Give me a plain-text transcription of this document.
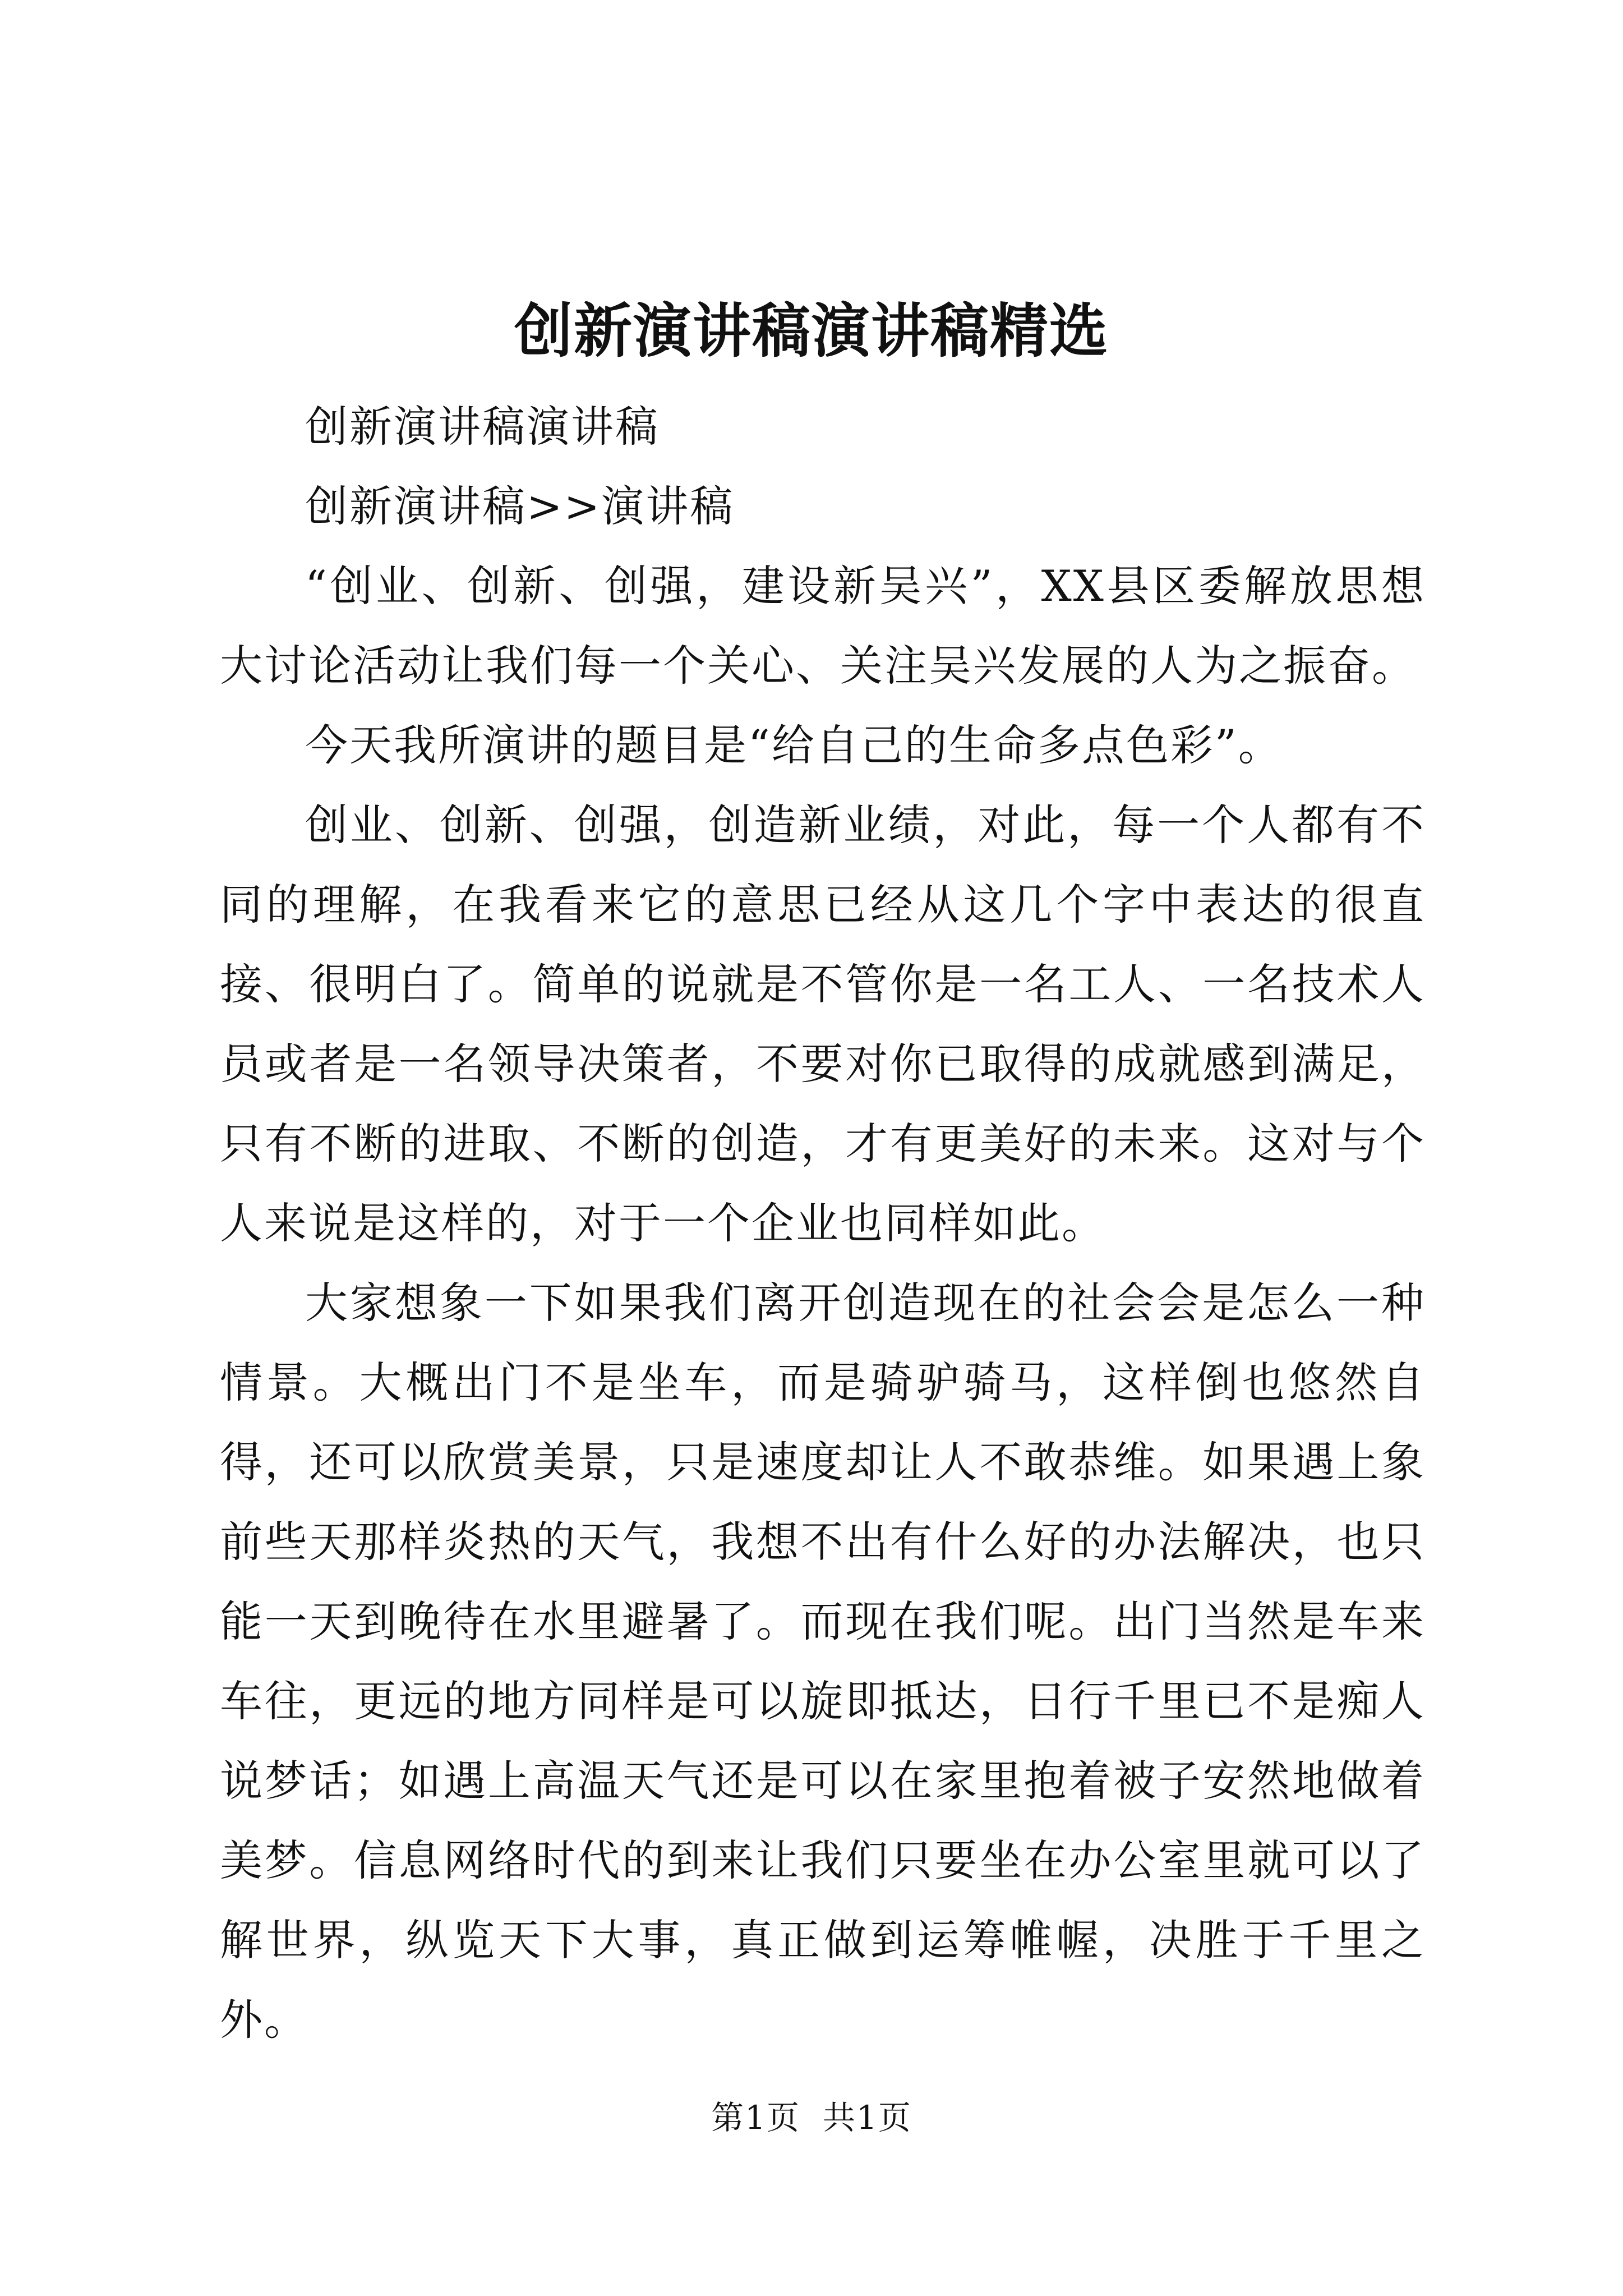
创新演讲稿演讲稿精选

创新演讲稿演讲稿

创新演讲稿>>演讲稿

“创业、创新、创强，建设新吴兴”，XX县区委解放思想大讨论活动让我们每一个关心、关注吴兴发展的人为之振奋。

今天我所演讲的题目是“给自己的生命多点色彩”。

创业、创新、创强，创造新业绩，对此，每一个人都有不同的理解，在我看来它的意思已经从这几个字中表达的很直接、很明白了。简单的说就是不管你是一名工人、一名技术人员或者是一名领导决策者，不要对你已取得的成就感到满足，只有不断的进取、不断的创造，才有更美好的未来。这对与个人来说是这样的，对于一个企业也同样如此。

大家想象一下如果我们离开创造现在的社会会是怎么一种情景。大概出门不是坐车，而是骑驴骑马，这样倒也悠然自得，还可以欣赏美景，只是速度却让人不敢恭维。如果遇上象前些天那样炎热的天气，我想不出有什么好的办法解决，也只能一天到晚待在水里避暑了。而现在我们呢。出门当然是车来车往，更远的地方同样是可以旋即抵达，日行千里已不是痴人说梦话；如遇上高温天气还是可以在家里抱着被子安然地做着美梦。信息网络时代的到来让我们只要坐在办公室里就可以了解世界，纵览天下大事，真正做到运筹帷幄，决胜于千里之外。

第1页 共1页
